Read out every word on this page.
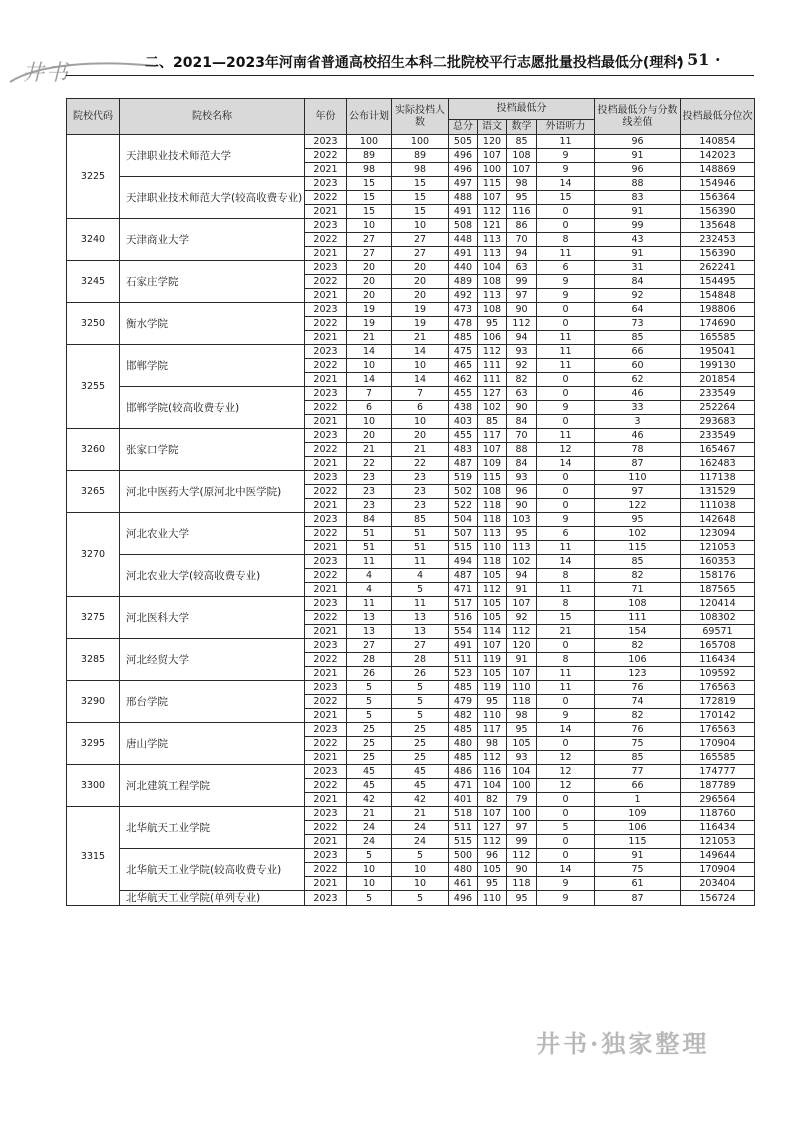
井书	二、2021—2023年河南省普通高校招生本科二批院校平行志愿批量投档最低分(理科)
· 51 ·
院校代码	院校名称	年份	公布计划	实际投档人数	投档最低分				投档最低分与分数线差值	投档最低分位次
					总分	语文	数学	外语听力		
3225	天津职业技术师范大学	2023	100	100	505	120	85	11	96	140854
		2022	89	89	496	107	108	9	91	142023
		2021	98	98	496	100	107	9	96	148869
	天津职业技术师范大学(较高收费专业)	2023	15	15	497	115	98	14	88	154946
		2022	15	15	488	107	95	15	83	156364
		2021	15	15	491	112	116	0	91	156390
3240	天津商业大学	2023	10	10	508	121	86	0	99	135648
		2022	27	27	448	113	70	8	43	232453
		2021	27	27	491	113	94	11	91	156390
3245	石家庄学院	2023	20	20	440	104	63	6	31	262241
		2022	20	20	489	108	99	9	84	154495
		2021	20	20	492	113	97	9	92	154848
3250	衡水学院	2023	19	19	473	108	90	0	64	198806
		2022	19	19	478	95	112	0	73	174690
		2021	21	21	485	106	94	11	85	165585
3255	邯郸学院	2023	14	14	475	112	93	11	66	195041
		2022	10	10	465	111	92	11	60	199130
		2021	14	14	462	111	82	0	62	201854
	邯郸学院(较高收费专业)	2023	7	7	455	127	63	0	46	233549
		2022	6	6	438	102	90	9	33	252264
		2021	10	10	403	85	84	0	3	293683
3260	张家口学院	2023	20	20	455	117	70	11	46	233549
		2022	21	21	483	107	88	12	78	165467
		2021	22	22	487	109	84	14	87	162483
3265	河北中医药大学(原河北中医学院)	2023	23	23	519	115	93	0	110	117138
		2022	23	23	502	108	96	0	97	131529
		2021	23	23	522	118	90	0	122	111038
3270	河北农业大学	2023	84	85	504	118	103	9	95	142648
		2022	51	51	507	113	95	6	102	123094
		2021	51	51	515	110	113	11	115	121053
	河北农业大学(较高收费专业)	2023	11	11	494	118	102	14	85	160353
		2022	4	4	487	105	94	8	82	158176
		2021	4	5	471	112	91	11	71	187565
3275	河北医科大学	2023	11	11	517	105	107	8	108	120414
		2022	13	13	516	105	92	15	111	108302
		2021	13	13	554	114	112	21	154	69571
3285	河北经贸大学	2023	27	27	491	107	120	0	82	165708
		2022	28	28	511	119	91	8	106	116434
		2021	26	26	523	105	107	11	123	109592
3290	邢台学院	2023	5	5	485	119	110	11	76	176563
		2022	5	5	479	95	118	0	74	172819
		2021	5	5	482	110	98	9	82	170142
3295	唐山学院	2023	25	25	485	117	95	14	76	176563
		2022	25	25	480	98	105	0	75	170904
		2021	25	25	485	112	93	12	85	165585
3300	河北建筑工程学院	2023	45	45	486	116	104	12	77	174777
		2022	45	45	471	104	100	12	66	187789
		2021	42	42	401	82	79	0	1	296564
3315	北华航天工业学院	2023	21	21	518	107	100	0	109	118760
		2022	24	24	511	127	97	5	106	116434
		2021	24	24	515	112	99	0	115	121053
	北华航天工业学院(较高收费专业)	2023	5	5	500	96	112	0	91	149644
		2022	10	10	480	105	90	14	75	170904
		2021	10	10	461	95	118	9	61	203404
	北华航天工业学院(单列专业)	2023	5	5	496	110	95	9	87	156724
井书·独家整理
